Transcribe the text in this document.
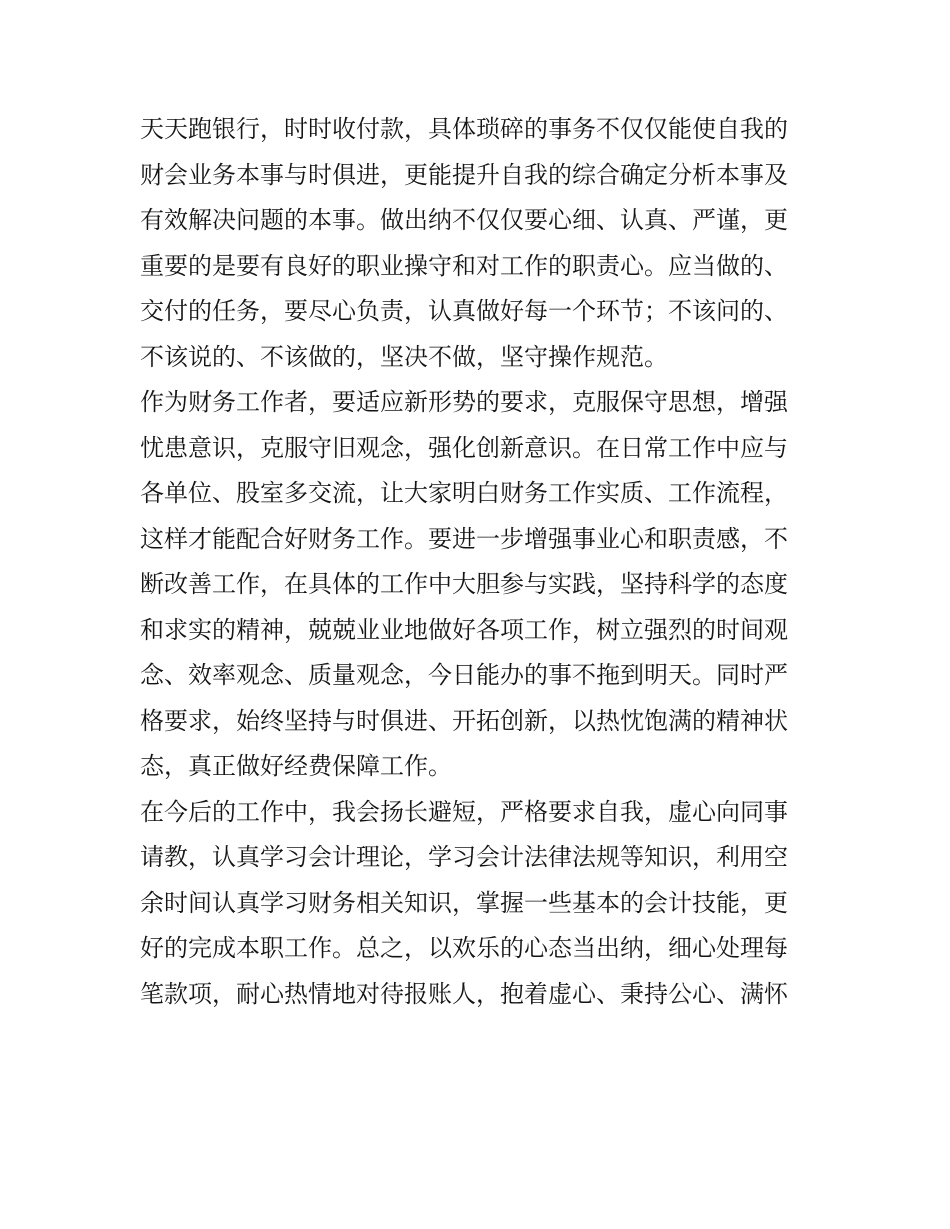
天天跑银行，时时收付款，具体琐碎的事务不仅仅能使自我的
财会业务本事与时俱进，更能提升自我的综合确定分析本事及
有效解决问题的本事。做出纳不仅仅要心细、认真、严谨，更
重要的是要有良好的职业操守和对工作的职责心。应当做的、
交付的任务，要尽心负责，认真做好每一个环节；不该问的、
不该说的、不该做的，坚决不做，坚守操作规范。
作为财务工作者，要适应新形势的要求，克服保守思想，增强
忧患意识，克服守旧观念，强化创新意识。在日常工作中应与
各单位、股室多交流，让大家明白财务工作实质、工作流程，
这样才能配合好财务工作。要进一步增强事业心和职责感，不
断改善工作，在具体的工作中大胆参与实践，坚持科学的态度
和求实的精神，兢兢业业地做好各项工作，树立强烈的时间观
念、效率观念、质量观念，今日能办的事不拖到明天。同时严
格要求，始终坚持与时俱进、开拓创新，以热忱饱满的精神状
态，真正做好经费保障工作。
在今后的工作中，我会扬长避短，严格要求自我，虚心向同事
请教，认真学习会计理论，学习会计法律法规等知识，利用空
余时间认真学习财务相关知识，掌握一些基本的会计技能，更
好的完成本职工作。总之，以欢乐的心态当出纳，细心处理每
笔款项，耐心热情地对待报账人，抱着虚心、秉持公心、满怀
